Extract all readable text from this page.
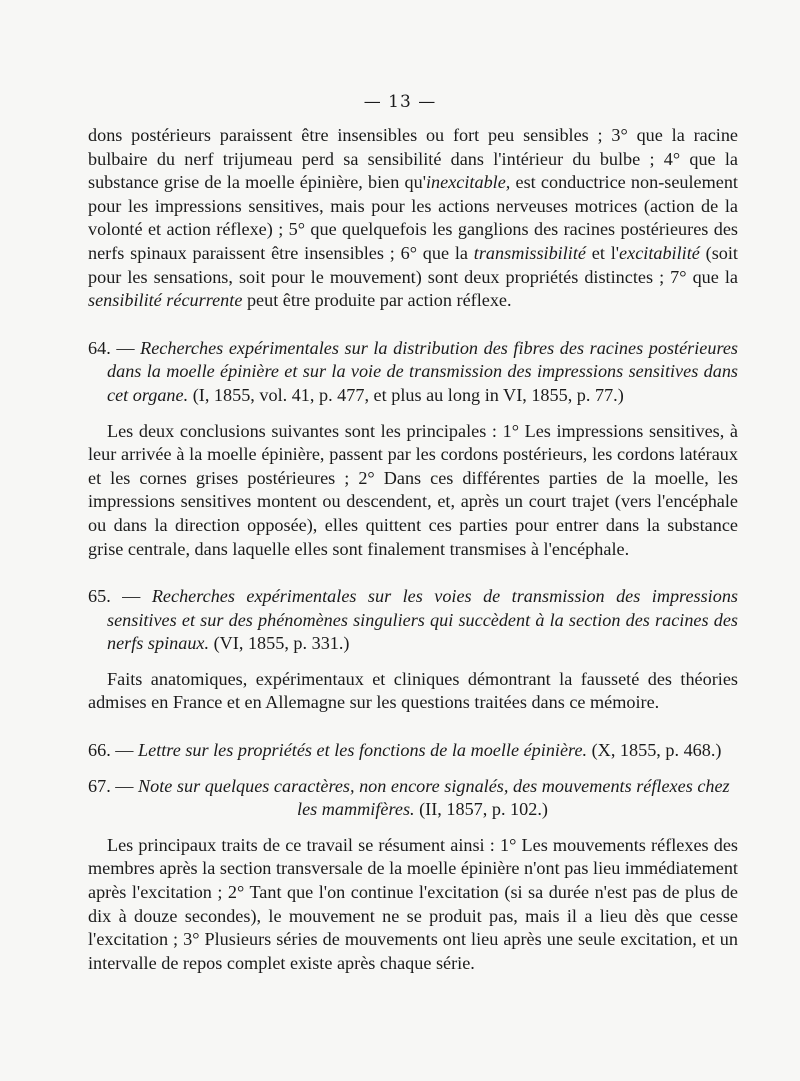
— 13 —

dons postérieurs paraissent être insensibles ou fort peu sensibles ; 3° que la racine bulbaire du nerf trijumeau perd sa sensibilité dans l'intérieur du bulbe ; 4° que la substance grise de la moelle épinière, bien qu'inexcitable, est conductrice non-seulement pour les impressions sensitives, mais pour les actions nerveuses motrices (action de la volonté et action réflexe) ; 5° que quelquefois les ganglions des racines postérieures des nerfs spinaux paraissent être insensibles ; 6° que la transmissibilité et l'excitabilité (soit pour les sensations, soit pour le mouvement) sont deux propriétés distinctes ; 7° que la sensibilité récurrente peut être produite par action réflexe.

64. — Recherches expérimentales sur la distribution des fibres des racines postérieures dans la moelle épinière et sur la voie de transmission des impressions sensitives dans cet organe. (I, 1855, vol. 41, p. 477, et plus au long in VI, 1855, p. 77.)

Les deux conclusions suivantes sont les principales : 1° Les impressions sensitives, à leur arrivée à la moelle épinière, passent par les cordons postérieurs, les cordons latéraux et les cornes grises postérieures ; 2° Dans ces différentes parties de la moelle, les impressions sensitives montent ou descendent, et, après un court trajet (vers l'encéphale ou dans la direction opposée), elles quittent ces parties pour entrer dans la substance grise centrale, dans laquelle elles sont finalement transmises à l'encéphale.

65. — Recherches expérimentales sur les voies de transmission des impressions sensitives et sur des phénomènes singuliers qui succèdent à la section des racines des nerfs spinaux. (VI, 1855, p. 331.)

Faits anatomiques, expérimentaux et cliniques démontrant la fausseté des théories admises en France et en Allemagne sur les questions traitées dans ce mémoire.

66. — Lettre sur les propriétés et les fonctions de la moelle épinière. (X, 1855, p. 468.)

67. — Note sur quelques caractères, non encore signalés, des mouvements réflexes chez
les mammifères. (II, 1857, p. 102.)

Les principaux traits de ce travail se résument ainsi : 1° Les mouvements réflexes des membres après la section transversale de la moelle épinière n'ont pas lieu immédiatement après l'excitation ; 2° Tant que l'on continue l'excitation (si sa durée n'est pas de plus de dix à douze secondes), le mouvement ne se produit pas, mais il a lieu dès que cesse l'excitation ; 3° Plusieurs séries de mouvements ont lieu après une seule excitation, et un intervalle de repos complet existe après chaque série.
